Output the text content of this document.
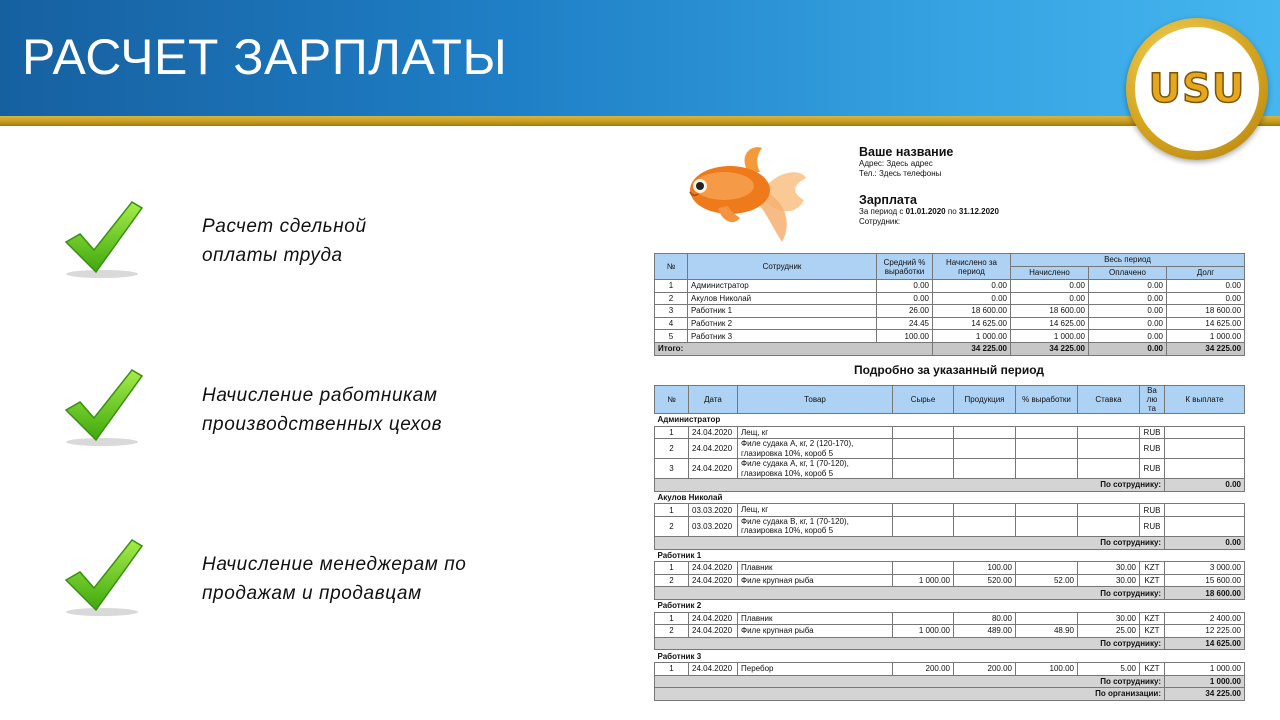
РАСЧЕТ ЗАРПЛАТЫ
USU
Расчет сдельной
оплаты труда
Начисление работникам
производственных цехов
Начисление менеджерам по
продажам и продавцам
Ваше название
Адрес: Здесь адрес
Тел.: Здесь телефоны
Зарплата
За период с 01.01.2020 по 31.12.2020
Сотрудник:
№	Сотрудник	Средний % выработки	Начислено за период	Весь период		
				Начислено	Оплачено	Долг
1	Администратор	0.00	0.00	0.00	0.00	0.00
2	Акулов Николай	0.00	0.00	0.00	0.00	0.00
3	Работник 1	26.00	18 600.00	18 600.00	0.00	18 600.00
4	Работник 2	24.45	14 625.00	14 625.00	0.00	14 625.00
5	Работник 3	100.00	1 000.00	1 000.00	0.00	1 000.00
Итого:			34 225.00	34 225.00	0.00	34 225.00
Подробно за указанный период
№	Дата	Товар	Сырье	Продукция	% выработки	Ставка	Ва лю та	К выплате
Администратор								
1	24.04.2020	Лещ, кг					RUB	
2	24.04.2020	Филе судака А, кг, 2 (120-170), глазировка 10%, короб 5					RUB	
3	24.04.2020	Филе судака А, кг, 1 (70-120), глазировка 10%, короб 5					RUB	
По сотруднику:								0.00
Акулов Николай								
1	03.03.2020	Лещ, кг					RUB	
2	03.03.2020	Филе судака В, кг, 1 (70-120), глазировка 10%, короб 5					RUB	
По сотруднику:								0.00
Работник 1								
1	24.04.2020	Плавник		100.00		30.00	KZT	3 000.00
2	24.04.2020	Филе крупная рыба	1 000.00	520.00	52.00	30.00	KZT	15 600.00
По сотруднику:								18 600.00
Работник 2								
1	24.04.2020	Плавник		80.00		30.00	KZT	2 400.00
2	24.04.2020	Филе крупная рыба	1 000.00	489.00	48.90	25.00	KZT	12 225.00
По сотруднику:								14 625.00
Работник 3								
1	24.04.2020	Перебор	200.00	200.00	100.00	5.00	KZT	1 000.00
По сотруднику:								1 000.00
По организации:								34 225.00
